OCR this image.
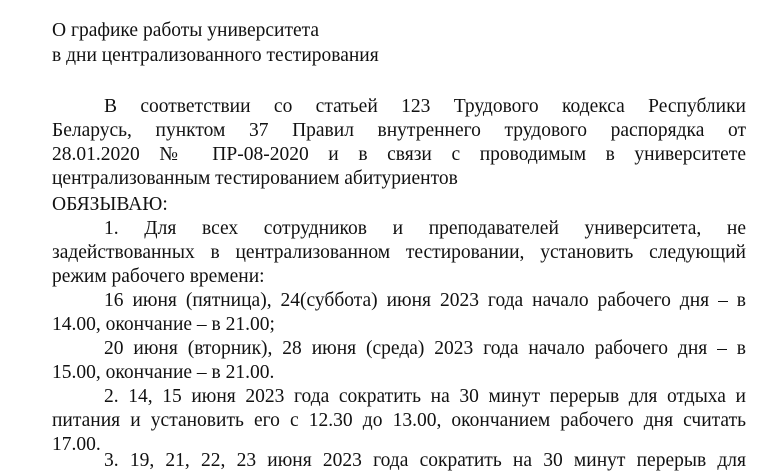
О графике работы университета
в дни централизованного тестирования
В соответствии со статьей 123 Трудового кодекса Республики
Беларусь, пунктом 37 Правил внутреннего трудового распорядка от
28.01.2020 № ПР-08-2020 и в связи с проводимым в университете
централизованным тестированием абитуриентов
ОБЯЗЫВАЮ:
1. Для всех сотрудников и преподавателей университета, не
задействованных в централизованном тестировании, установить следующий
режим рабочего времени:
16 июня (пятница), 24(суббота) июня 2023 года начало рабочего дня – в
14.00, окончание – в 21.00;
20 июня (вторник), 28 июня (среда) 2023 года начало рабочего дня – в
15.00, окончание – в 21.00.
2. 14, 15 июня 2023 года сократить на 30 минут перерыв для отдыха и
питания и установить его с 12.30 до 13.00, окончанием рабочего дня считать
17.00.
3. 19, 21, 22, 23 июня 2023 года сократить на 30 минут перерыв для
